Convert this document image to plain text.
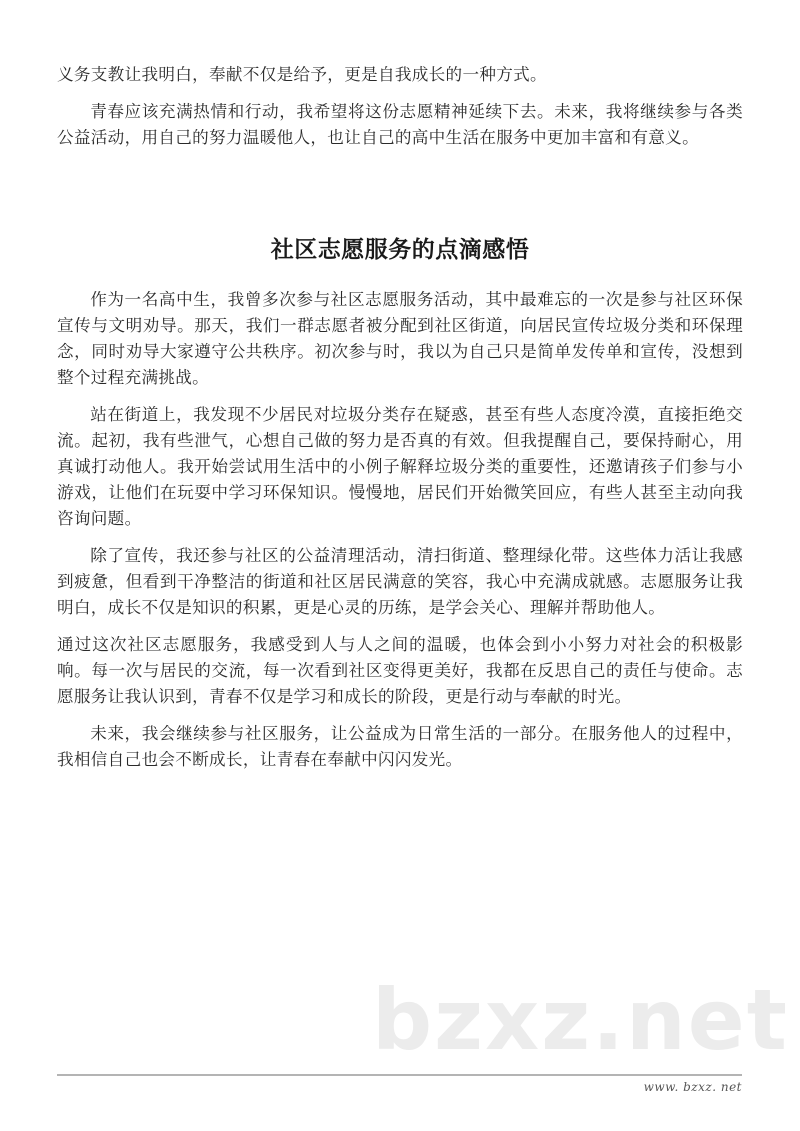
义务支教让我明白，奉献不仅是给予，更是自我成长的一种方式。

青春应该充满热情和行动，我希望将这份志愿精神延续下去。未来，我将继续参与各类公益活动，用自己的努力温暖他人，也让自己的高中生活在服务中更加丰富和有意义。

社区志愿服务的点滴感悟

作为一名高中生，我曾多次参与社区志愿服务活动，其中最难忘的一次是参与社区环保宣传与文明劝导。那天，我们一群志愿者被分配到社区街道，向居民宣传垃圾分类和环保理念，同时劝导大家遵守公共秩序。初次参与时，我以为自己只是简单发传单和宣传，没想到整个过程充满挑战。

站在街道上，我发现不少居民对垃圾分类存在疑惑，甚至有些人态度冷漠，直接拒绝交流。起初，我有些泄气，心想自己做的努力是否真的有效。但我提醒自己，要保持耐心，用真诚打动他人。我开始尝试用生活中的小例子解释垃圾分类的重要性，还邀请孩子们参与小游戏，让他们在玩耍中学习环保知识。慢慢地，居民们开始微笑回应，有些人甚至主动向我咨询问题。

除了宣传，我还参与社区的公益清理活动，清扫街道、整理绿化带。这些体力活让我感到疲惫，但看到干净整洁的街道和社区居民满意的笑容，我心中充满成就感。志愿服务让我明白，成长不仅是知识的积累，更是心灵的历练，是学会关心、理解并帮助他人。

通过这次社区志愿服务，我感受到人与人之间的温暖，也体会到小小努力对社会的积极影响。每一次与居民的交流，每一次看到社区变得更美好，我都在反思自己的责任与使命。志愿服务让我认识到，青春不仅是学习和成长的阶段，更是行动与奉献的时光。

未来，我会继续参与社区服务，让公益成为日常生活的一部分。在服务他人的过程中，我相信自己也会不断成长，让青春在奉献中闪闪发光。

bzxz.net
www. bzxz. net
